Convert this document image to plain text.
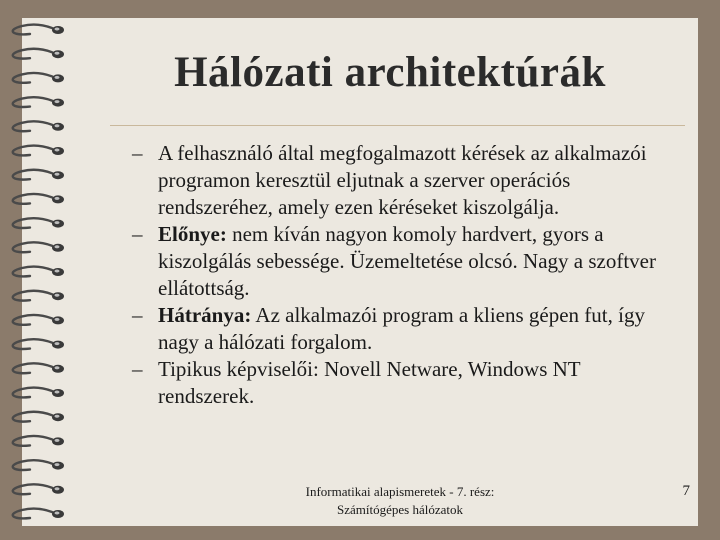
Hálózati architektúrák
– A felhasználó által megfogalmazott kérések az alkalmazói programon keresztül eljutnak a szerver operációs rendszeréhez, amely ezen kéréseket kiszolgálja.
– Előnye: nem kíván nagyon komoly hardvert, gyors a kiszolgálás sebessége. Üzemeltetése olcsó. Nagy a szoftver ellátottság.
– Hátránya: Az alkalmazói program a kliens gépen fut, így nagy a hálózati forgalom.
– Tipikus képviselői: Novell Netware, Windows NT rendszerek.
Informatikai alapismeretek - 7. rész:
Számítógépes hálózatok
7
